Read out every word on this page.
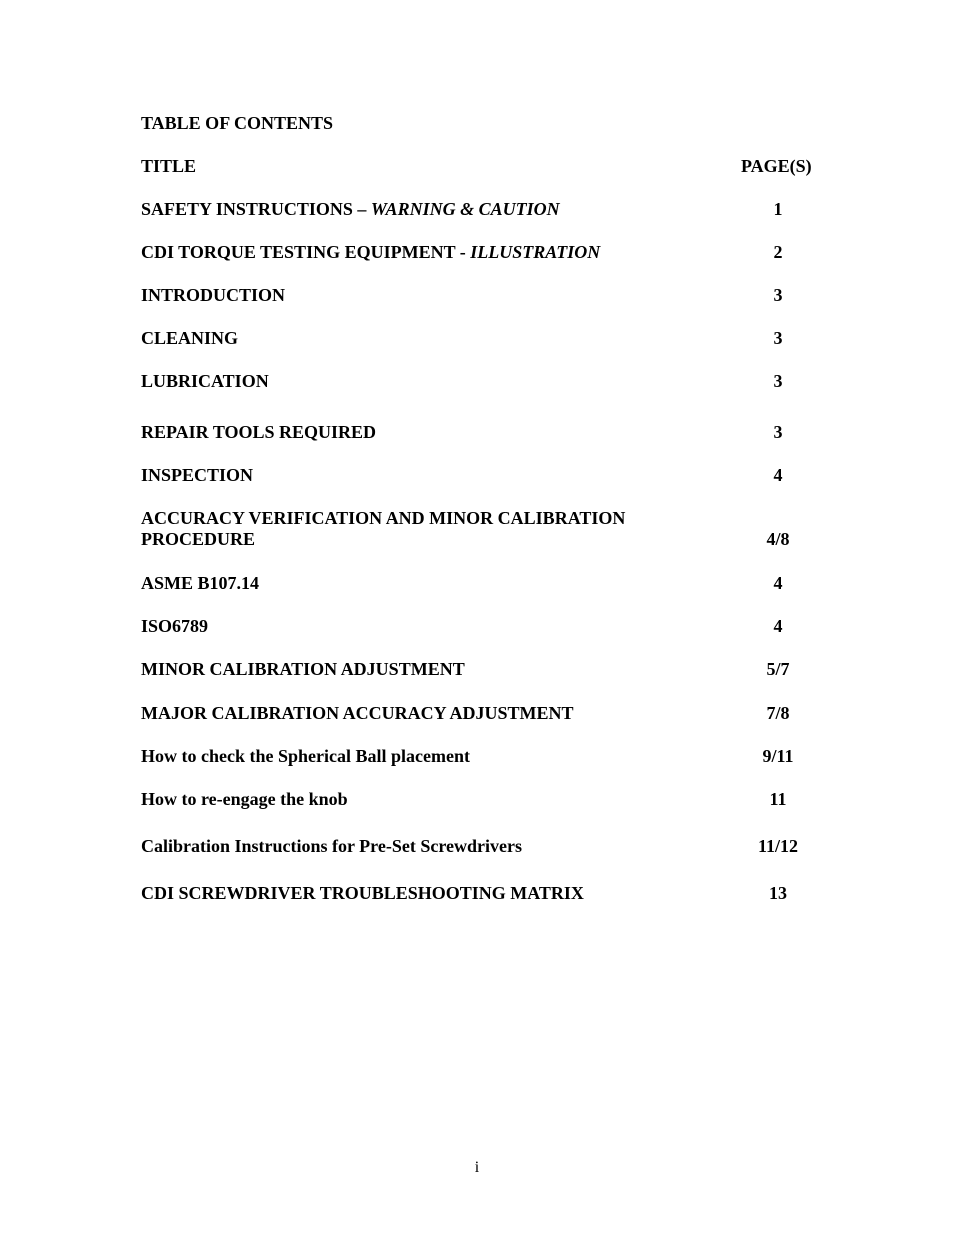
TABLE OF CONTENTS
TITLE	PAGE(S)
SAFETY INSTRUCTIONS – WARNING & CAUTION	1
CDI TORQUE TESTING EQUIPMENT - ILLUSTRATION	2
INTRODUCTION	3
CLEANING	3
LUBRICATION	3
REPAIR TOOLS REQUIRED	3
INSPECTION	4
ACCURACY VERIFICATION AND MINOR CALIBRATION
PROCEDURE	4/8
ASME B107.14	4
ISO6789	4
MINOR CALIBRATION ADJUSTMENT	5/7
MAJOR CALIBRATION ACCURACY ADJUSTMENT	7/8
How to check the Spherical Ball placement	9/11
How to re-engage the knob	11
Calibration Instructions for Pre-Set Screwdrivers	11/12
CDI SCREWDRIVER TROUBLESHOOTING MATRIX	13
i
